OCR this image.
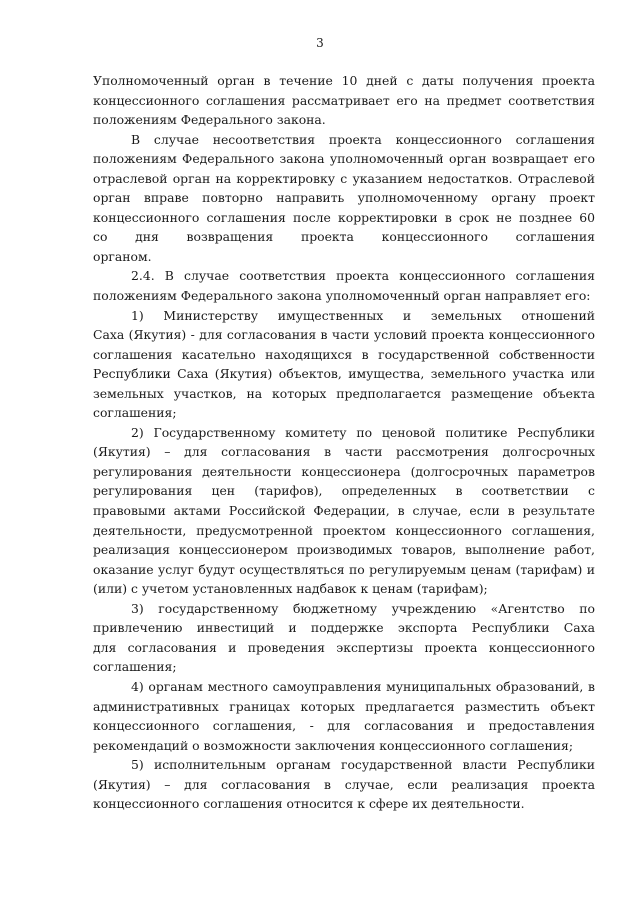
3
Уполномоченный орган в течение 10 дней с даты получения проекта
концессионного соглашения рассматривает его на предмет соответствия
положениям Федерального закона.
В случае несоответствия проекта концессионного соглашения
положениям Федерального закона уполномоченный орган возвращает его
отраслевой орган на корректировку с указанием недостатков. Отраслевой
орган вправе повторно направить уполномоченному органу проект
концессионного соглашения после корректировки в срок не позднее 60
со дня возвращения проекта концессионного соглашения
органом.
2.4. В случае соответствия проекта концессионного соглашения
положениям Федерального закона уполномоченный орган направляет его:
1) Министерству имущественных и земельных отношений
Саха (Якутия) - для согласования в части условий проекта концессионного
соглашения касательно находящихся в государственной собственности
Республики Саха (Якутия) объектов, имущества, земельного участка или
земельных участков, на которых предполагается размещение объекта
соглашения;
2) Государственному комитету по ценовой политике Республики
(Якутия) – для согласования в части рассмотрения долгосрочных
регулирования деятельности концессионера (долгосрочных параметров
регулирования цен (тарифов), определенных в соответствии с
правовыми актами Российской Федерации, в случае, если в результате
деятельности, предусмотренной проектом концессионного соглашения,
реализация концессионером производимых товаров, выполнение работ,
оказание услуг будут осуществляться по регулируемым ценам (тарифам) и
(или) с учетом установленных надбавок к ценам (тарифам);
3) государственному бюджетному учреждению «Агентство по
привлечению инвестиций и поддержке экспорта Республики Саха
для согласования и проведения экспертизы проекта концессионного
соглашения;
4) органам местного самоуправления муниципальных образований, в
административных границах которых предлагается разместить объект
концессионного соглашения, - для согласования и предоставления
рекомендаций о возможности заключения концессионного соглашения;
5) исполнительным органам государственной власти Республики
(Якутия) – для согласования в случае, если реализация проекта
концессионного соглашения относится к сфере их деятельности.
